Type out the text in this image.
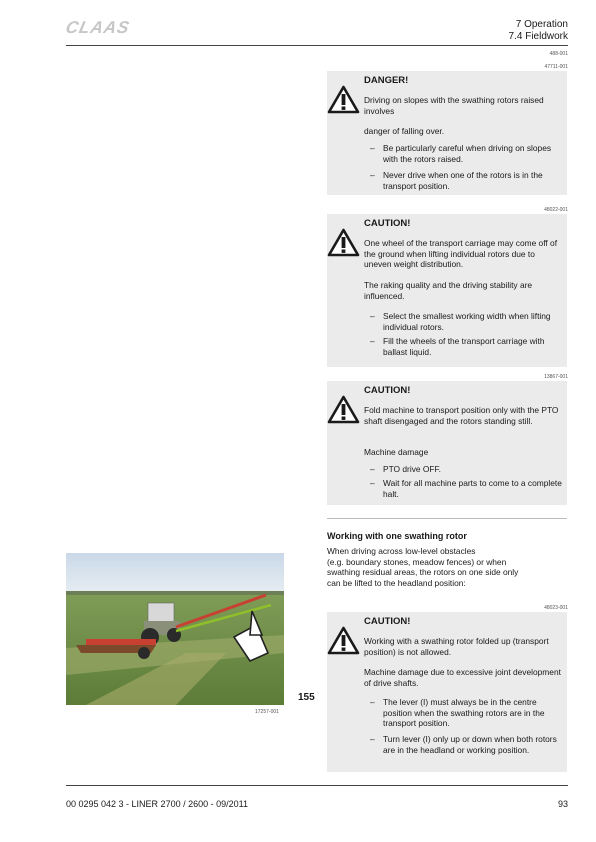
CLAAS	7 Operation
7.4 Fieldwork
488-001
47711-001
DANGER!
Driving on slopes with the swathing rotors raised involves
danger of falling over.
– Be particularly careful when driving on slopes with the rotors raised.
– Never drive when one of the rotors is in the transport position.
48022-001
CAUTION!
One wheel of the transport carriage may come off of the ground when lifting individual rotors due to uneven weight distribution.
The raking quality and the driving stability are influenced.
– Select the smallest working width when lifting individual rotors.
– Fill the wheels of the transport carriage with ballast liquid.
13867-001
CAUTION!
Fold machine to transport position only with the PTO shaft disengaged and the rotors standing still.
Machine damage
– PTO drive OFF.
– Wait for all machine parts to come to a complete halt.
Working with one swathing rotor
When driving across low-level obstacles
(e.g. boundary stones, meadow fences) or when
swathing residual areas, the rotors on one side only
can be lifted to the headland position:
155
17257-001
48023-001
CAUTION!
Working with a swathing rotor folded up (transport position) is not allowed.
Machine damage due to excessive joint development of drive shafts.
– The lever (I) must always be in the centre position when the swathing rotors are in the transport position.
– Turn lever (I) only up or down when both rotors are in the headland or working position.
00 0295 042 3 - LINER 2700 / 2600 - 09/2011	93
